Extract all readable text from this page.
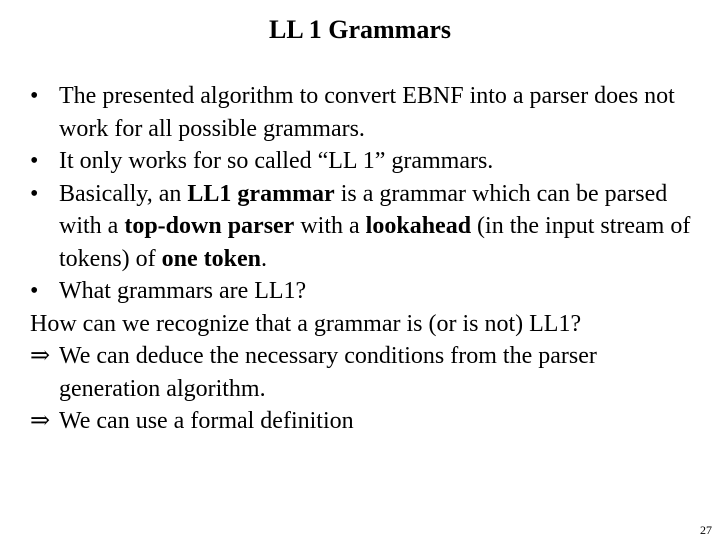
LL 1 Grammars
• The presented algorithm to convert EBNF into a parser does not work for all possible grammars.
• It only works for so called “LL 1” grammars.
• Basically, an LL1 grammar is a grammar which can be parsed with a top-down parser with a lookahead (in the input stream of tokens) of one token.
• What grammars are LL1?
How can we recognize that a grammar is (or is not) LL1?
⇒ We can deduce the necessary conditions from the parser generation algorithm.
⇒ We can use a formal definition
27
